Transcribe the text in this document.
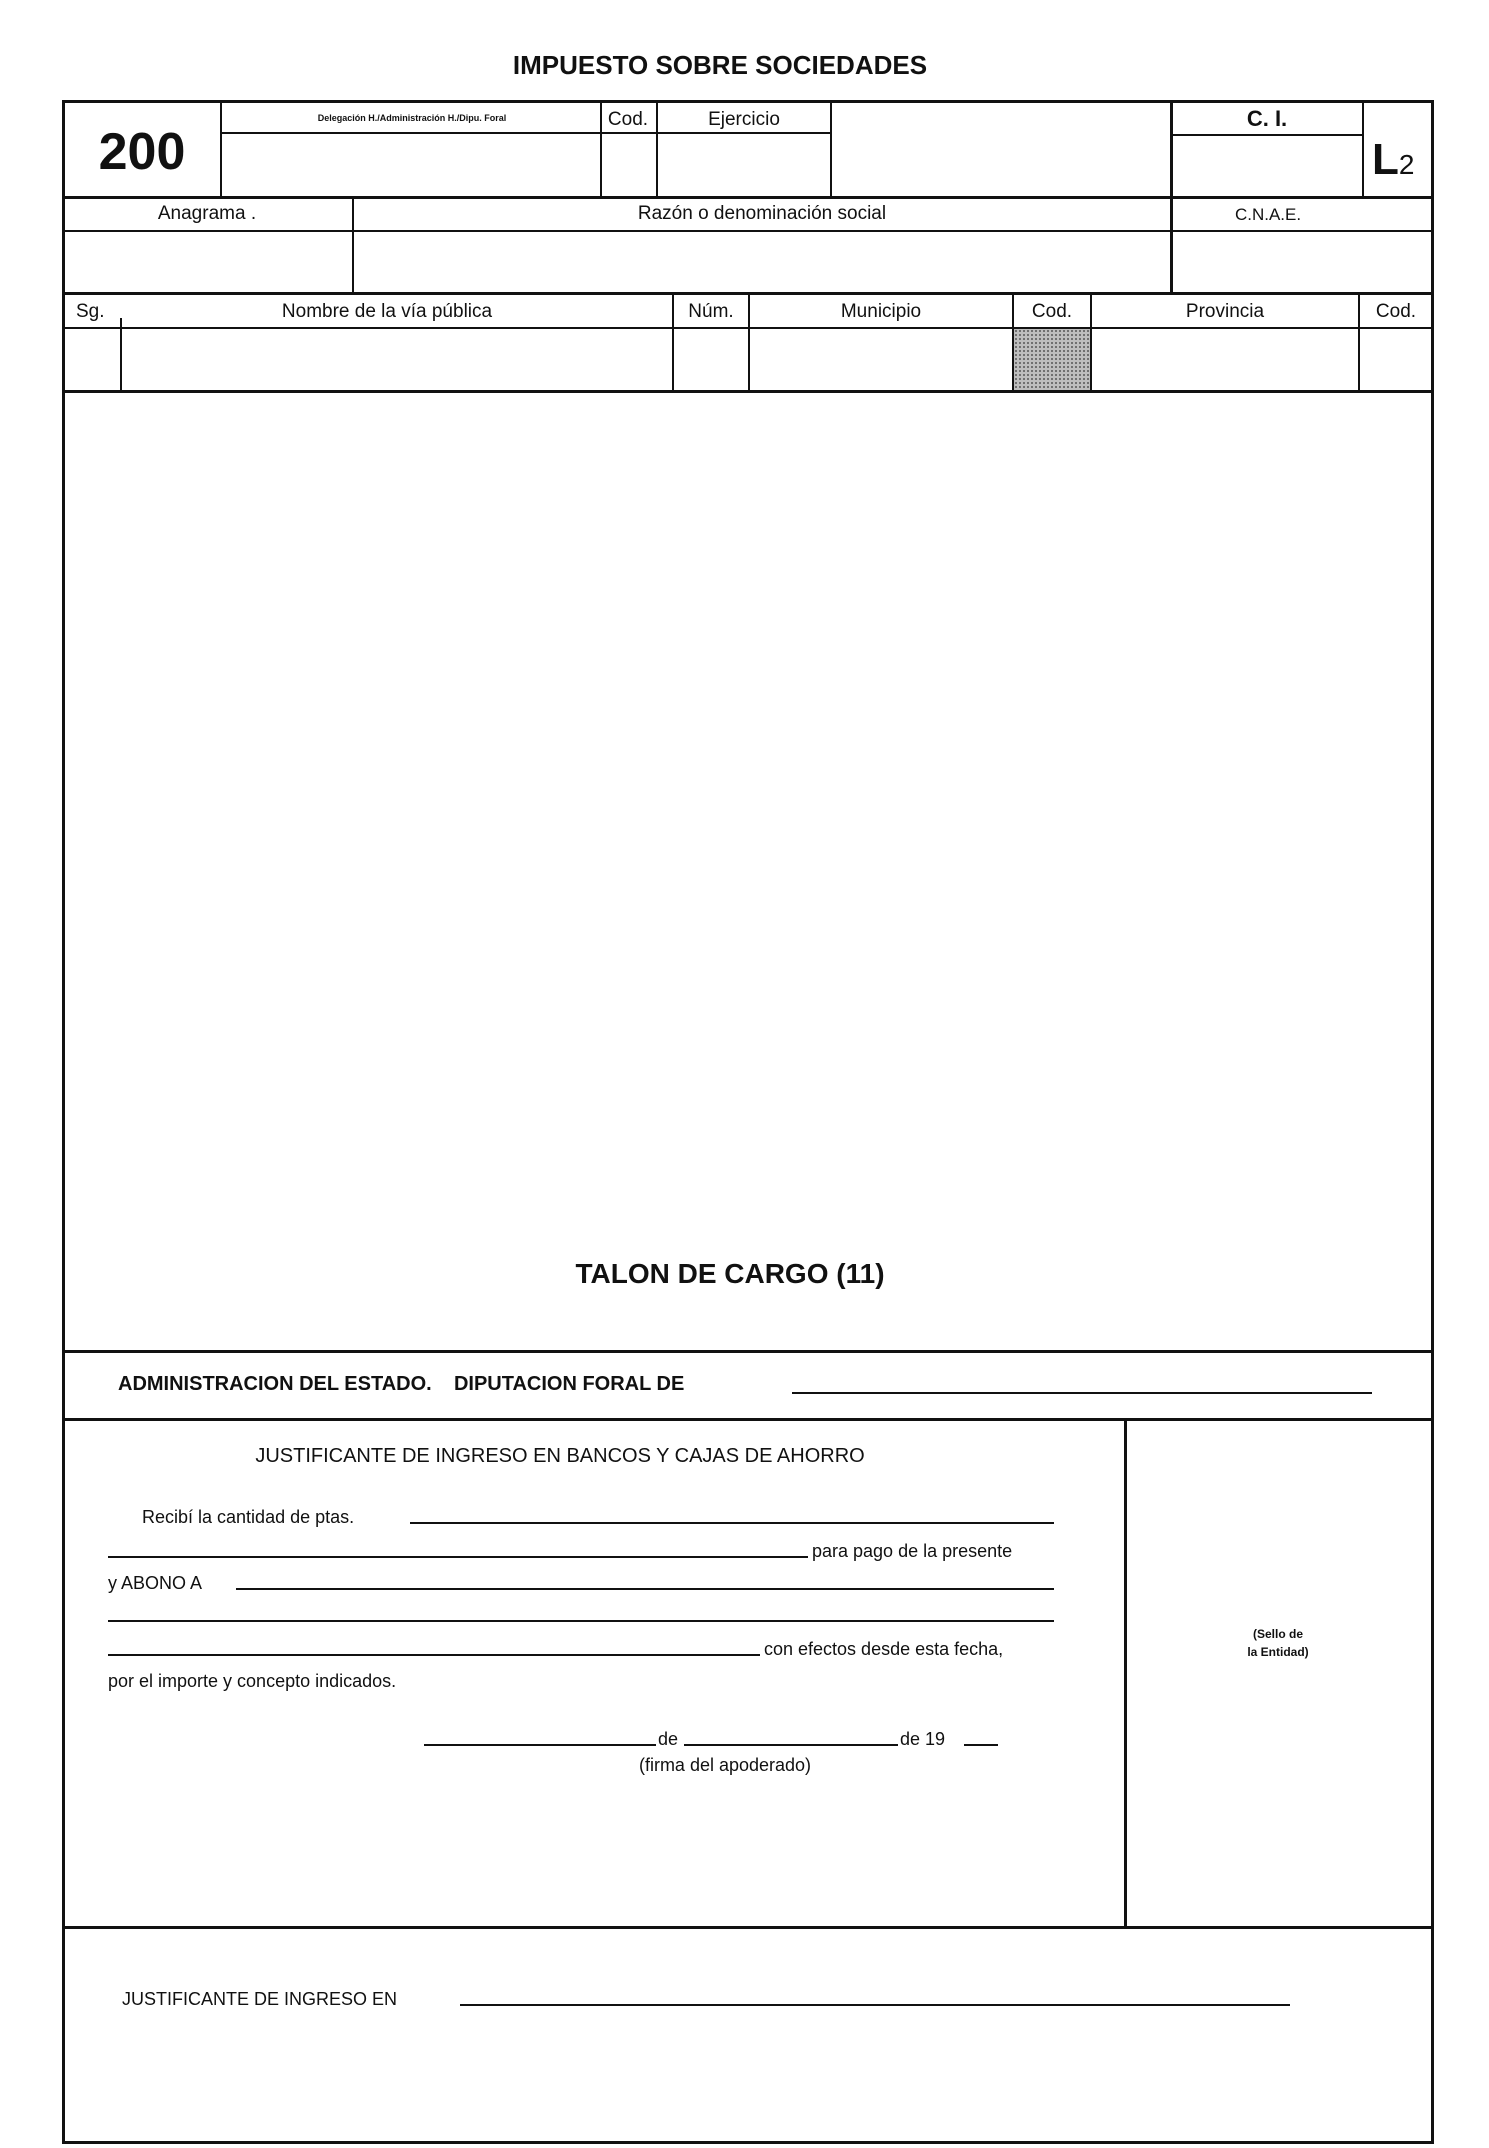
IMPUESTO SOBRE SOCIEDADES
200
Delegación H./Administración H./Dipu. Foral	Cod.	Ejercicio	C. I.
L2
Anagrama .	Razón o denominación social	C.N.A.E.
Sg.	Nombre de la vía pública	Núm.	Municipio	Cod.	Provincia	Cod.
TALON DE CARGO (11)
ADMINISTRACION DEL ESTADO.    DIPUTACION FORAL DE
JUSTIFICANTE DE INGRESO EN BANCOS Y CAJAS DE AHORRO
Recibí la cantidad de ptas.
para pago de la presente
y ABONO A
con efectos desde esta fecha,
por el importe y concepto indicados.
de	de 19
(firma del apoderado)
(Sello de
la Entidad)
JUSTIFICANTE DE INGRESO EN
